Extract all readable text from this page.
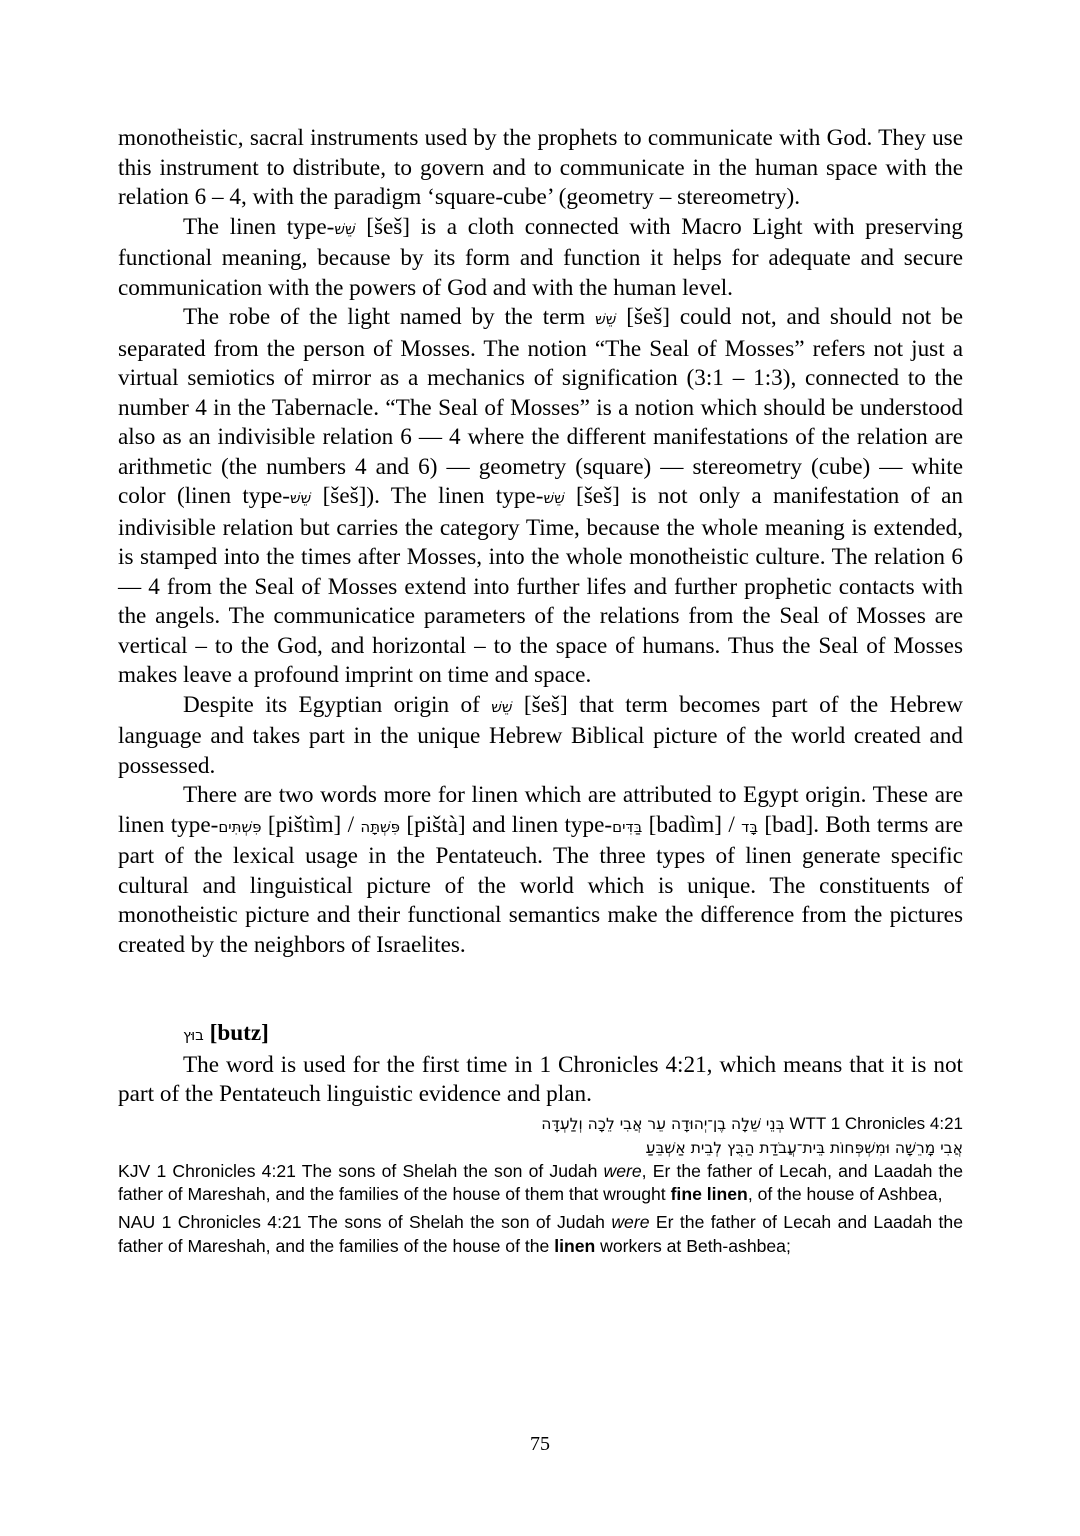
monotheistic, sacral instruments used by the prophets to communicate with God. They use this instrument to distribute, to govern and to communicate in the human space with the relation 6 – 4, with the paradigm ‘square-cube’ (geometry – stereometry).

The linen type-שֵׁשׁ [šeš] is a cloth connected with Macro Light with preserving functional meaning, because by its form and function it helps for adequate and secure communication with the powers of God and with the human level.

The robe of the light named by the term שֵׁשׁ [šeš] could not, and should not be separated from the person of Mosses. The notion “The Seal of Mosses” refers not just a virtual semiotics of mirror as a mechanics of signification (3:1 – 1:3), connected to the number 4 in the Tabernacle. “The Seal of Mosses” is a notion which should be understood also as an indivisible relation 6 — 4 where the different manifestations of the relation are arithmetic (the numbers 4 and 6) — geometry (square) — stereometry (cube) — white color (linen type-שֵׁשׁ [šeš]). The linen type-שֵׁשׁ [šeš] is not only a manifestation of an indivisible relation but carries the category Time, because the whole meaning is extended, is stamped into the times after Mosses, into the whole monotheistic culture. The relation 6 — 4 from the Seal of Mosses extend into further lifes and further prophetic contacts with the angels. The communicatice parameters of the relations from the Seal of Mosses are vertical – to the God, and horizontal – to the space of humans. Thus the Seal of Mosses makes leave a profound imprint on time and space.

Despite its Egyptian origin of שֵׁשׁ [šeš] that term becomes part of the Hebrew language and takes part in the unique Hebrew Biblical picture of the world created and possessed.

There are two words more for linen which are attributed to Egypt origin. These are linen type-פִּשְׁתִּים [pištìm] / פִּשְׁתָּה [pištà] and linen type-בַּדִּים [badìm] / בָּד [bad]. Both terms are part of the lexical usage in the Pentateuch. The three types of linen generate specific cultural and linguistical picture of the world which is unique. The constituents of monotheistic picture and their functional semantics make the difference from the pictures created by the neighbors of Israelites.

בוּץ [butz]

The word is used for the first time in 1 Chronicles 4:21, which means that it is not part of the Pentateuch linguistic evidence and plan.

בְּנֵי שֵׁלָה בֶן־יְהוּדָה עֵר אֲבִי לֵכָה וְלַעְדָּה WTT 1 Chronicles 4:21
אֲבִי מָרֵשָׁה וּמִשְׁפְּחוֹת בֵּית־עֲבֹדַת הַבֻּץ לְבֵית אַשְׁבֵּעַ

KJV 1 Chronicles 4:21 The sons of Shelah the son of Judah were, Er the father of Lecah, and Laadah the father of Mareshah, and the families of the house of them that wrought fine linen, of the house of Ashbea,

NAU 1 Chronicles 4:21 The sons of Shelah the son of Judah were Er the father of Lecah and Laadah the father of Mareshah, and the families of the house of the linen workers at Beth-ashbea;

75
